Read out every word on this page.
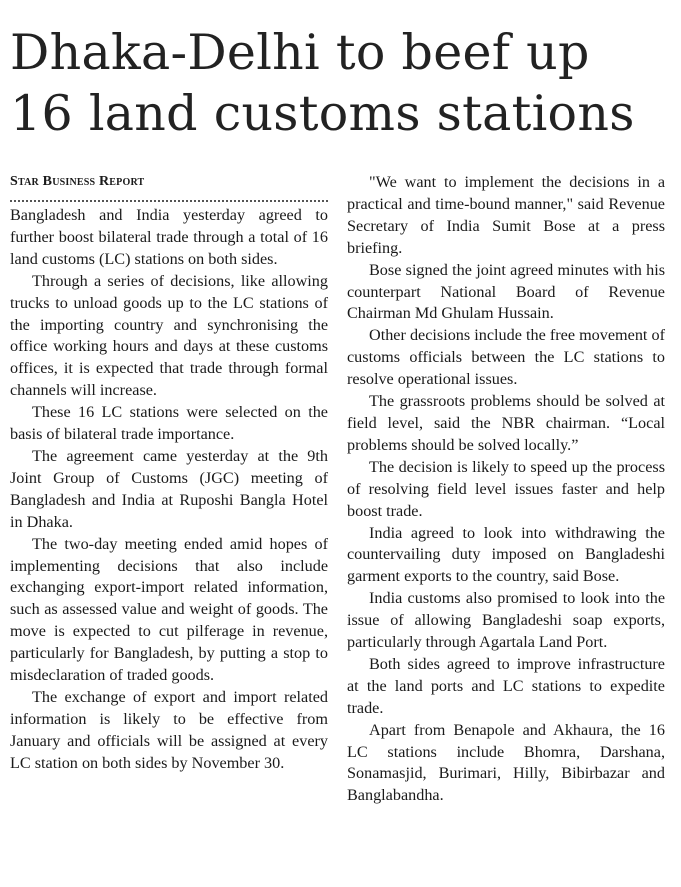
Dhaka-Delhi to beef up
16 land customs stations
Star Business Report

Bangladesh and India yesterday agreed to further boost bilateral trade through a total of 16 land customs (LC) stations on both sides.

Through a series of decisions, like allowing trucks to unload goods up to the LC stations of the importing country and synchronising the office working hours and days at these customs offices, it is expected that trade through formal channels will increase.

These 16 LC stations were selected on the basis of bilateral trade importance.

The agreement came yesterday at the 9th Joint Group of Customs (JGC) meeting of Bangladesh and India at Ruposhi Bangla Hotel in Dhaka.

The two-day meeting ended amid hopes of implementing decisions that also include exchanging export-import related information, such as assessed value and weight of goods. The move is expected to cut pilferage in revenue, particularly for Bangladesh, by putting a stop to misdeclaration of traded goods.

The exchange of export and import related information is likely to be effective from January and officials will be assigned at every LC station on both sides by November 30.

"We want to implement the decisions in a practical and time-bound manner," said Revenue Secretary of India Sumit Bose at a press briefing.

Bose signed the joint agreed minutes with his counterpart National Board of Revenue Chairman Md Ghulam Hussain.

Other decisions include the free movement of customs officials between the LC stations to resolve operational issues.

The grassroots problems should be solved at field level, said the NBR chairman. “Local problems should be solved locally.”

The decision is likely to speed up the process of resolving field level issues faster and help boost trade.

India agreed to look into withdrawing the countervailing duty imposed on Bangladeshi garment exports to the country, said Bose.

India customs also promised to look into the issue of allowing Bangladeshi soap exports, particularly through Agartala Land Port.

Both sides agreed to improve infrastructure at the land ports and LC stations to expedite trade.

Apart from Benapole and Akhaura, the 16 LC stations include Bhomra, Darshana, Sonamasjid, Burimari, Hilly, Bibirbazar and Banglabandha.
